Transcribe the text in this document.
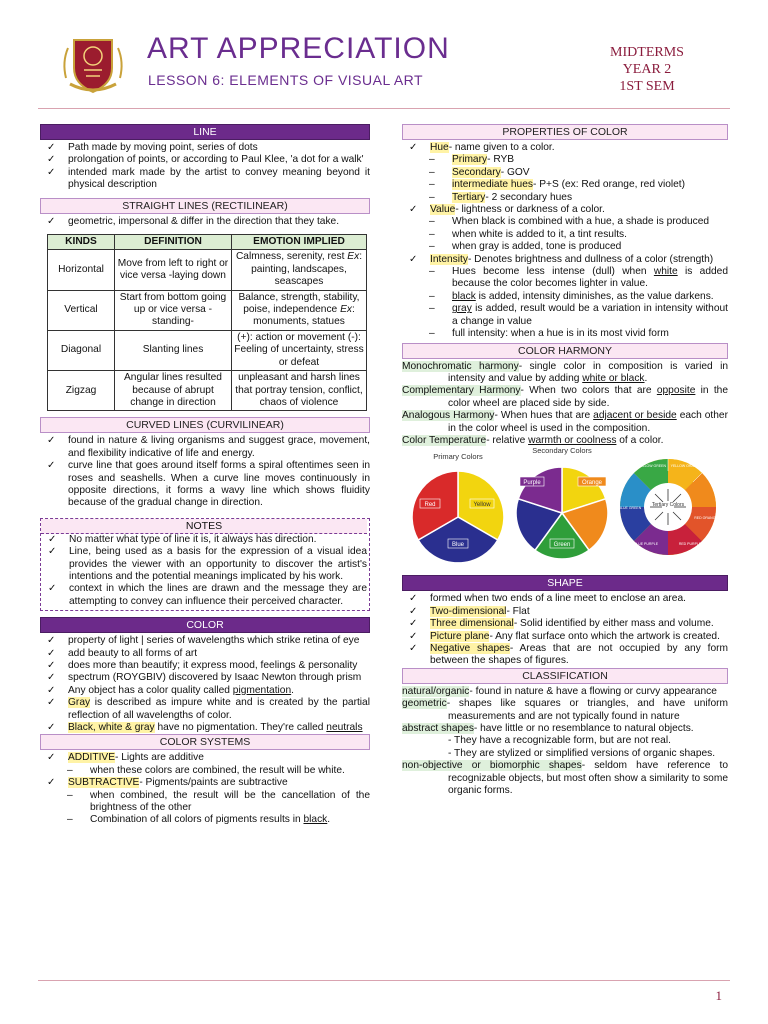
ART APPRECIATION
LESSON 6: ELEMENTS OF VISUAL ART
MIDTERMS
YEAR 2
1ST SEM
LINE
✓ Path made by moving point, series of dots
✓ prolongation of points, or according to Paul Klee, 'a dot for a walk'
✓ intended mark made by the artist to convey meaning beyond it physical description
STRAIGHT LINES (RECTILINEAR)
✓ geometric, impersonal & differ in the direction that they take.
KINDS	DEFINITION	EMOTION IMPLIED
Horizontal	Move from left to right or vice versa -laying down	Calmness, serenity, rest Ex: painting, landscapes, seascapes
Vertical	Start from bottom going up or vice versa -standing-	Balance, strength, stability, poise, independence Ex: monuments, statues
Diagonal	Slanting lines	(+): action or movement (-): Feeling of uncertainty, stress or defeat
Zigzag	Angular lines resulted because of abrupt change in direction	unpleasant and harsh lines that portray tension, conflict, chaos of violence
CURVED LINES (CURVILINEAR)
✓ found in nature & living organisms and suggest grace, movement, and flexibility indicative of life and energy.
✓ curve line that goes around itself forms a spiral oftentimes seen in roses and seashells. When a curve line moves continuously in opposite directions, it forms a wavy line which shows fluidity because of the gradual change in direction.
NOTES
✓ No matter what type of line it is, it always has direction.
✓ Line, being used as a basis for the expression of a visual idea provides the viewer with an opportunity to discover the artist's intentions and the potential meanings implicated by his work.
✓ context in which the lines are drawn and the message they are attempting to convey can influence their perceived character.
COLOR
✓ property of light | series of wavelengths which strike retina of eye
✓ add beauty to all forms of art
✓ does more than beautify; it express mood, feelings & personality
✓ spectrum (ROYGBIV) discovered by Isaac Newton through prism
✓ Any object has a color quality called pigmentation.
✓ Gray is described as impure white and is created by the partial reflection of all wavelengths of color.
✓ Black, white & gray have no pigmentation. They're called neutrals
COLOR SYSTEMS
✓ ADDITIVE- Lights are additive
– when these colors are combined, the result will be white.
✓ SUBTRACTIVE- Pigments/paints are subtractive
– when combined, the result will be the cancellation of the brightness of the other
– Combination of all colors of pigments results in black.
PROPERTIES OF COLOR
✓ Hue- name given to a color.
– Primary- RYB
– Secondary- GOV
– intermediate hues- P+S (ex: Red orange, red violet)
– Tertiary- 2 secondary hues
✓ Value- lightness or darkness of a color.
– When black is combined with a hue, a shade is produced
– when white is added to it, a tint results.
– when gray is added, tone is produced
✓ Intensity- Denotes brightness and dullness of a color (strength)
– Hues become less intense (dull) when white is added because the color becomes lighter in value.
– black is added, intensity diminishes, as the value darkens.
– gray is added, result would be a variation in intensity without a change in value
– full intensity: when a hue is in its most vivid form
COLOR HARMONY
Monochromatic harmony- single color in composition is varied in intensity and value by adding white or black.
Complementary Harmony- When two colors that are opposite in the color wheel are placed side by side.
Analogous Harmony- When hues that are adjacent or beside each other in the color wheel is used in the composition.
Color Temperature- relative warmth or coolness of a color.
Primary Colors
Red	Yellow
Blue
Secondary Colors
Purple	Orange
Green
Tertiary Colors
YELLOW GREEN YELLOW ORANGE
RED ORANGE
RED PURPLE
BLUE PURPLE
BLUE GREEN
SHAPE
✓ formed when two ends of a line meet to enclose an area.
✓ Two-dimensional- Flat
✓ Three dimensional- Solid identified by either mass and volume.
✓ Picture plane- Any flat surface onto which the artwork is created.
✓ Negative shapes- Areas that are not occupied by any form between the shapes of figures.
CLASSIFICATION
natural/organic- found in nature & have a flowing or curvy appearance
geometric- shapes like squares or triangles, and have uniform measurements and are not typically found in nature
abstract shapes- have little or no resemblance to natural objects.
- They have a recognizable form, but are not real.
- They are stylized or simplified versions of organic shapes.
non-objective or biomorphic shapes- seldom have reference to recognizable objects, but most often show a similarity to some organic forms.
1
